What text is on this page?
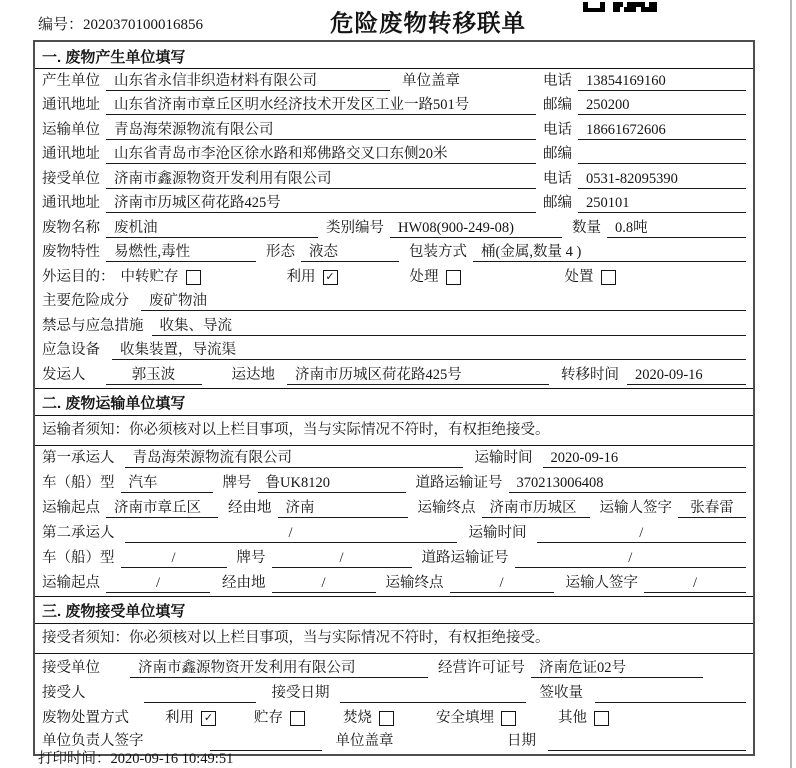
编号：2020370100016856	危险废物转移联单
一. 废物产生单位填写
产生单位 山东省永信非织造材料有限公司	单位盖章	电话 13854169160
通讯地址 山东省济南市章丘区明水经济技术开发区工业一路501号	邮编 250200
运输单位 青岛海荣源物流有限公司	电话 18661672606
通讯地址 山东省青岛市李沧区徐水路和郑佛路交叉口东侧20米	邮编
接受单位 济南市鑫源物资开发利用有限公司	电话 0531-82095390
通讯地址 济南市历城区荷花路425号	邮编 250101
废物名称 废机油	类别编号 HW08(900-249-08)	数量 0.8吨
废物特性 易燃性,毒性	形态 液态	包装方式 桶(金属,数量 4 )
外运目的： 中转贮存	利用 ✓	处理	处置
主要危险成分	废矿物油
禁忌与应急措施	收集、导流
应急设备	收集装置，导流渠
发运人	郭玉波	运达地	济南市历城区荷花路425号	转移时间	2020-09-16
二. 废物运输单位填写
运输者须知：你必须核对以上栏目事项，当与实际情况不符时，有权拒绝接受。
第一承运人	青岛海荣源物流有限公司	运输时间	2020-09-16
车（船）型 汽车	牌号 鲁UK8120	道路运输证号 370213006408
运输起点 济南市章丘区	经由地 济南	运输终点 济南市历城区	运输人签字	张春雷
第二承运人	/	运输时间	/
车（船）型	/	牌号	/	道路运输证号	/
运输起点	/	经由地	/	运输终点	/	运输人签字	/
三. 废物接受单位填写
接受者须知：你必须核对以上栏目事项，当与实际情况不符时，有权拒绝接受。
接受单位	济南市鑫源物资开发利用有限公司	经营许可证号 济南危证02号
接受人	接受日期	签收量
废物处置方式 利用 ✓	贮存	焚烧	安全填埋	其他
单位负责人签字	单位盖章	日期
打印时间：2020-09-16 10:49:51
